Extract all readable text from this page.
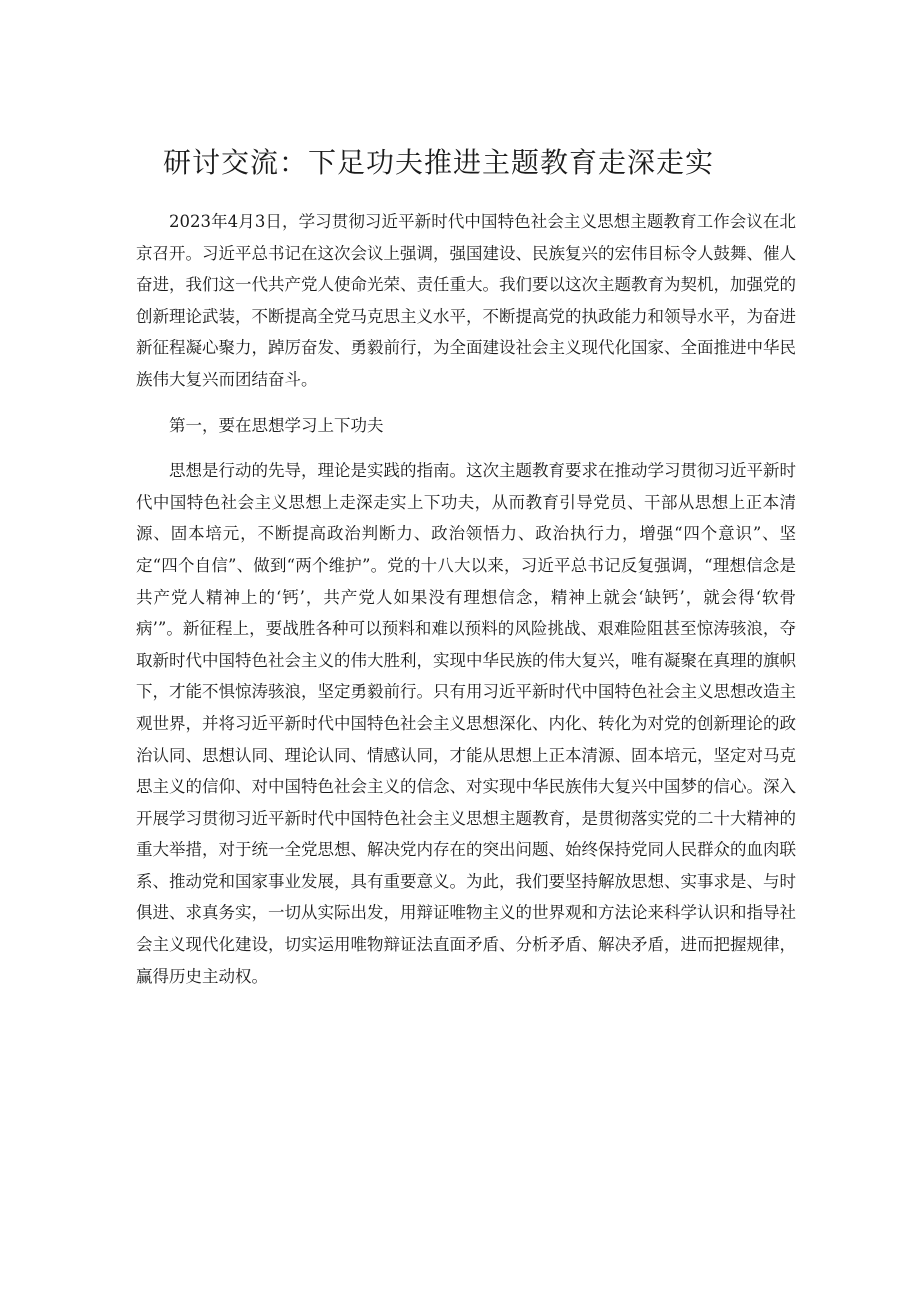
研讨交流：下足功夫推进主题教育走深走实

2023年4月3日，学习贯彻习近平新时代中国特色社会主义思想主题教育工作会议在北京召开。习近平总书记在这次会议上强调，强国建设、民族复兴的宏伟目标令人鼓舞、催人奋进，我们这一代共产党人使命光荣、责任重大。我们要以这次主题教育为契机，加强党的创新理论武装，不断提高全党马克思主义水平，不断提高党的执政能力和领导水平，为奋进新征程凝心聚力，踔厉奋发、勇毅前行，为全面建设社会主义现代化国家、全面推进中华民族伟大复兴而团结奋斗。

第一，要在思想学习上下功夫

思想是行动的先导，理论是实践的指南。这次主题教育要求在推动学习贯彻习近平新时代中国特色社会主义思想上走深走实上下功夫，从而教育引导党员、干部从思想上正本清源、固本培元，不断提高政治判断力、政治领悟力、政治执行力，增强“四个意识”、坚定“四个自信”、做到“两个维护”。党的十八大以来，习近平总书记反复强调，“理想信念是共产党人精神上的‘钙’，共产党人如果没有理想信念，精神上就会‘缺钙’，就会得‘软骨病’”。新征程上，要战胜各种可以预料和难以预料的风险挑战、艰难险阻甚至惊涛骇浪，夺取新时代中国特色社会主义的伟大胜利，实现中华民族的伟大复兴，唯有凝聚在真理的旗帜下，才能不惧惊涛骇浪，坚定勇毅前行。只有用习近平新时代中国特色社会主义思想改造主观世界，并将习近平新时代中国特色社会主义思想深化、内化、转化为对党的创新理论的政治认同、思想认同、理论认同、情感认同，才能从思想上正本清源、固本培元，坚定对马克思主义的信仰、对中国特色社会主义的信念、对实现中华民族伟大复兴中国梦的信心。深入开展学习贯彻习近平新时代中国特色社会主义思想主题教育，是贯彻落实党的二十大精神的重大举措，对于统一全党思想、解决党内存在的突出问题、始终保持党同人民群众的血肉联系、推动党和国家事业发展，具有重要意义。为此，我们要坚持解放思想、实事求是、与时俱进、求真务实，一切从实际出发，用辩证唯物主义的世界观和方法论来科学认识和指导社会主义现代化建设，切实运用唯物辩证法直面矛盾、分析矛盾、解决矛盾，进而把握规律，赢得历史主动权。
